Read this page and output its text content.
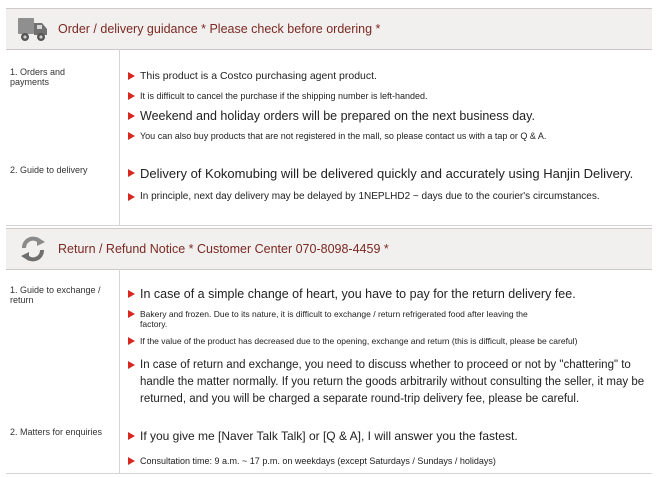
Order / delivery guidance * Please check before ordering *
1. Orders and payments	This product is a Costco purchasing agent product.
It is difficult to cancel the purchase if the shipping number is left-handed.
Weekend and holiday orders will be prepared on the next business day.
You can also buy products that are not registered in the mall, so please contact us with a tap or Q & A.
2. Guide to delivery	Delivery of Kokomubing will be delivered quickly and accurately using Hanjin Delivery.
In principle, next day delivery may be delayed by 1NEPLHD2 ~ days due to the courier's circumstances.
Return / Refund Notice * Customer Center 070-8098-4459 *
1. Guide to exchange / return	In case of a simple change of heart, you have to pay for the return delivery fee.
Bakery and frozen. Due to its nature, it is difficult to exchange / return refrigerated food after leaving the factory.
If the value of the product has decreased due to the opening, exchange and return (this is difficult, please be careful)
In case of return and exchange, you need to discuss whether to proceed or not by "chattering" to handle the matter normally. If you return the goods arbitrarily without consulting the seller, it may be returned, and you will be charged a separate round-trip delivery fee, please be careful.
2. Matters for enquiries	If you give me [Naver Talk Talk] or [Q & A], I will answer you the fastest.
Consultation time: 9 a.m. ~ 17 p.m. on weekdays (except Saturdays / Sundays / holidays)
